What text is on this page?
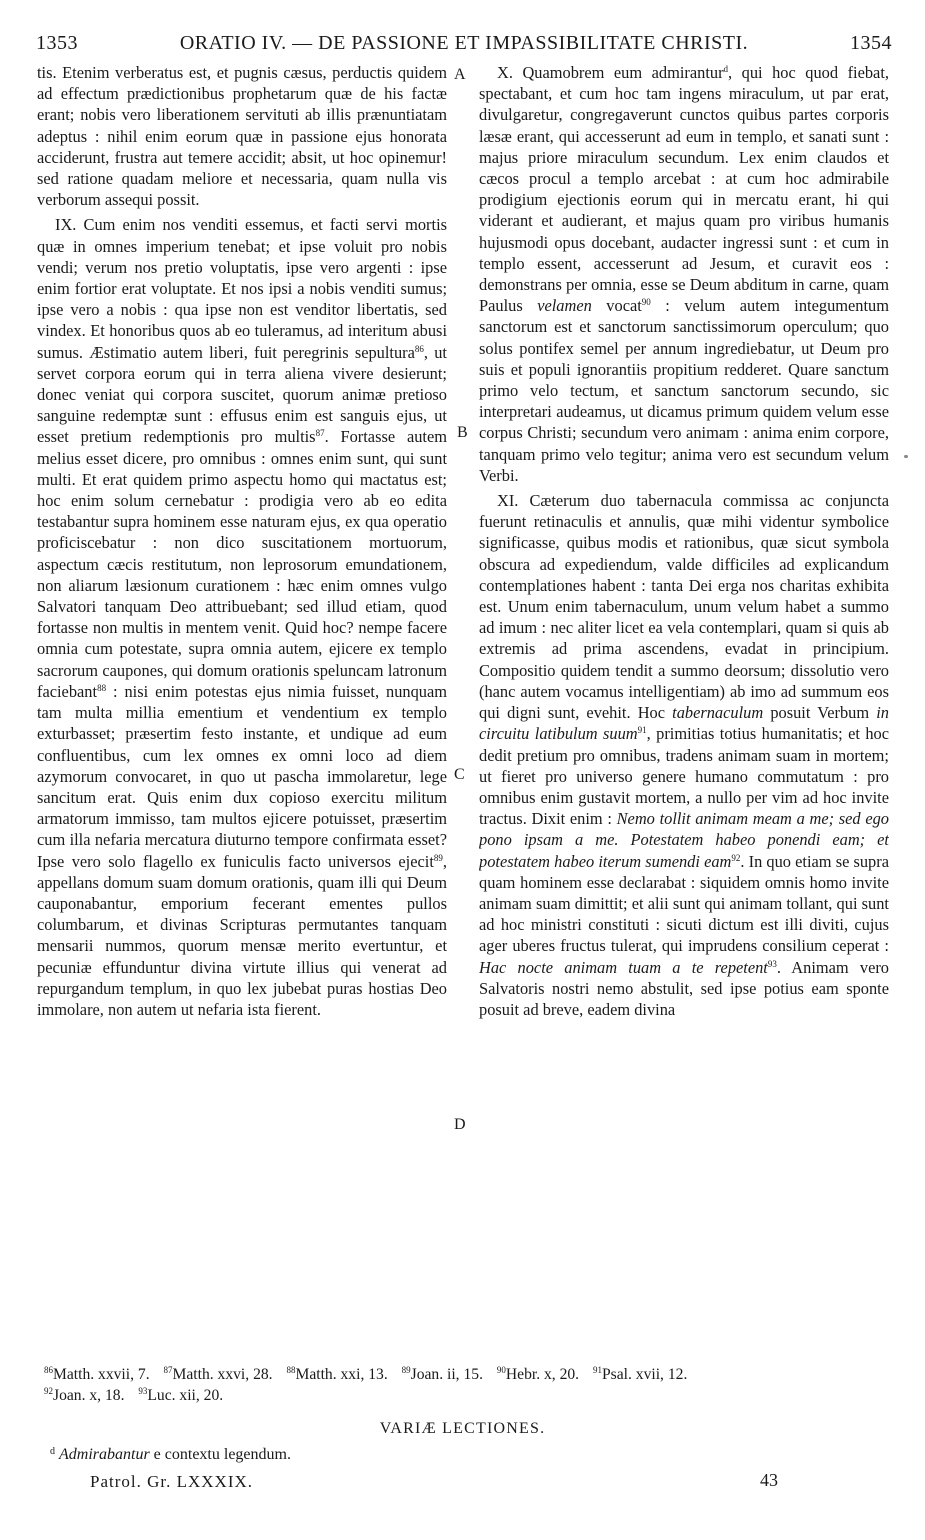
1353	ORATIO IV. — DE PASSIONE ET IMPASSIBILITATE CHRISTI.	1354

tis. Etenim verberatus est, et pugnis cæsus, perductis quidem ad effectum prædictionibus prophetarum quæ de his factæ erant; nobis vero liberationem servituti ab illis prænuntiatam adeptus : nihil enim eorum quæ in passione ejus honorata acciderunt, frustra aut temere accidit; absit, ut hoc opinemur! sed ratione quadam meliore et necessaria, quam nulla vis verborum assequi possit.

IX. Cum enim nos venditi essemus, et facti servi mortis quæ in omnes imperium tenebat; et ipse voluit pro nobis vendi; verum nos pretio voluptatis, ipse vero argenti : ipse enim fortior erat voluptate. Et nos ipsi a nobis venditi sumus; ipse vero a nobis : qua ipse non est venditor libertatis, sed vindex. Et honoribus quos ab eo tuleramus, ad interitum abusi sumus. Æstimatio autem liberi, fuit peregrinis sepultura$^{86}$, ut servet corpora eorum qui in terra aliena vivere desierunt; donec veniat qui corpora suscitet, quorum animæ pretioso sanguine redemptæ sunt : effusus enim est sanguis ejus, ut esset pretium redemptionis pro multis$^{87}$. Fortasse autem melius esset dicere, pro omnibus : omnes enim sunt, qui sunt multi. Et erat quidem primo aspectu homo qui mactatus est; hoc enim solum cernebatur : prodigia vero ab eo edita testabantur supra hominem esse naturam ejus, ex qua operatio proficiscebatur : non dico suscitationem mortuorum, aspectum cæcis restitutum, non leprosorum emundationem, non aliarum læsionum curationem : hæc enim omnes vulgo Salvatori tanquam Deo attribuebant; sed illud etiam, quod fortasse non multis in mentem venit. Quid hoc? nempe facere omnia cum potestate, supra omnia autem, ejicere ex templo sacrorum caupones, qui domum orationis speluncam latronum faciebant$^{88}$ : nisi enim potestas ejus nimia fuisset, nunquam tam multa millia ementium et vendentium ex templo exturbasset; præsertim festo instante, et undique ad eum confluentibus, cum lex omnes ex omni loco ad diem azymorum convocaret, in quo ut pascha immolaretur, lege sancitum erat. Quis enim dux copioso exercitu militum armatorum immisso, tam multos ejicere potuisset, præsertim cum illa nefaria mercatura diuturno tempore confirmata esset? Ipse vero solo flagello ex funiculis facto universos ejecit$^{89}$, appellans domum suam domum orationis, quam illi qui Deum cauponabantur, emporium fecerant ementes pullos columbarum, et divinas Scripturas permutantes tanquam mensarii nummos, quorum mensæ merito evertuntur, et pecuniæ effunduntur divina virtute illius qui venerat ad repurgandum templum, in quo lex jubebat puras hostias Deo immolare, non autem ut nefaria ista fierent.

A
B
C
D

X. Quamobrem eum admirantur$^d$, qui hoc quod fiebat, spectabant, et cum hoc tam ingens miraculum, ut par erat, divulgaretur, congregaverunt cunctos quibus partes corporis læsæ erant, qui accesserunt ad eum in templo, et sanati sunt : majus priore miraculum secundum. Lex enim claudos et cæcos procul a templo arcebat : at cum hoc admirabile prodigium ejectionis eorum qui in mercatu erant, hi qui viderant et audierant, et majus quam pro viribus humanis hujusmodi opus docebant, audacter ingressi sunt : et cum in templo essent, accesserunt ad Jesum, et curavit eos : demonstrans per omnia, esse se Deum abditum in carne, quam Paulus velamen vocat$^{90}$ : velum autem integumentum sanctorum est et sanctorum sanctissimorum operculum; quo solus pontifex semel per annum ingrediebatur, ut Deum pro suis et populi ignorantiis propitium redderet. Quare sanctum primo velo tectum, et sanctum sanctorum secundo, sic interpretari audeamus, ut dicamus primum quidem velum esse corpus Christi; secundum vero animam : anima enim corpore, tanquam primo velo tegitur; anima vero est secundum velum Verbi.

XI. Cæterum duo tabernacula commissa ac conjuncta fuerunt retinaculis et annulis, quæ mihi videntur symbolice significasse, quibus modis et rationibus, quæ sicut symbola obscura ad expediendum, valde difficiles ad explicandum contemplationes habent : tanta Dei erga nos charitas exhibita est. Unum enim tabernaculum, unum velum habet a summo ad imum : nec aliter licet ea vela contemplari, quam si quis ab extremis ad prima ascendens, evadat in principium. Compositio quidem tendit a summo deorsum; dissolutio vero (hanc autem vocamus intelligentiam) ab imo ad summum eos qui digni sunt, evehit. Hoc tabernaculum posuit Verbum in circuitu latibulum suum$^{91}$, primitias totius humanitatis; et hoc dedit pretium pro omnibus, tradens animam suam in mortem; ut fieret pro universo genere humano commutatum : pro omnibus enim gustavit mortem, a nullo per vim ad hoc invite tractus. Dixit enim : Nemo tollit animam meam a me; sed ego pono ipsam a me. Potestatem habeo ponendi eam; et potestatem habeo iterum sumendi eam$^{92}$. In quo etiam se supra quam hominem esse declarabat : siquidem omnis homo invite animam suam dimittit; et alii sunt qui animam tollant, qui sunt ad hoc ministri constituti : sicuti dictum est illi diviti, cujus ager uberes fructus tulerat, qui imprudens consilium ceperat : Hac nocte animam tuam a te repetent$^{93}$. Animam vero Salvatoris nostri nemo abstulit, sed ipse potius eam sponte posuit ad breve, eadem divina

$^{86}$Matth. xxvii, 7. $^{87}$Matth. xxvi, 28. $^{88}$Matth. xxi, 13. $^{89}$Joan. ii, 15. $^{90}$Hebr. x, 20. $^{91}$Psal. xvii, 12.
$^{92}$Joan. x, 18. $^{93}$Luc. xii, 20.
VARIÆ LECTIONES.
$^d$ Admirabantur e contextu legendum.
Patrol. Gr. LXXXIX.	43
